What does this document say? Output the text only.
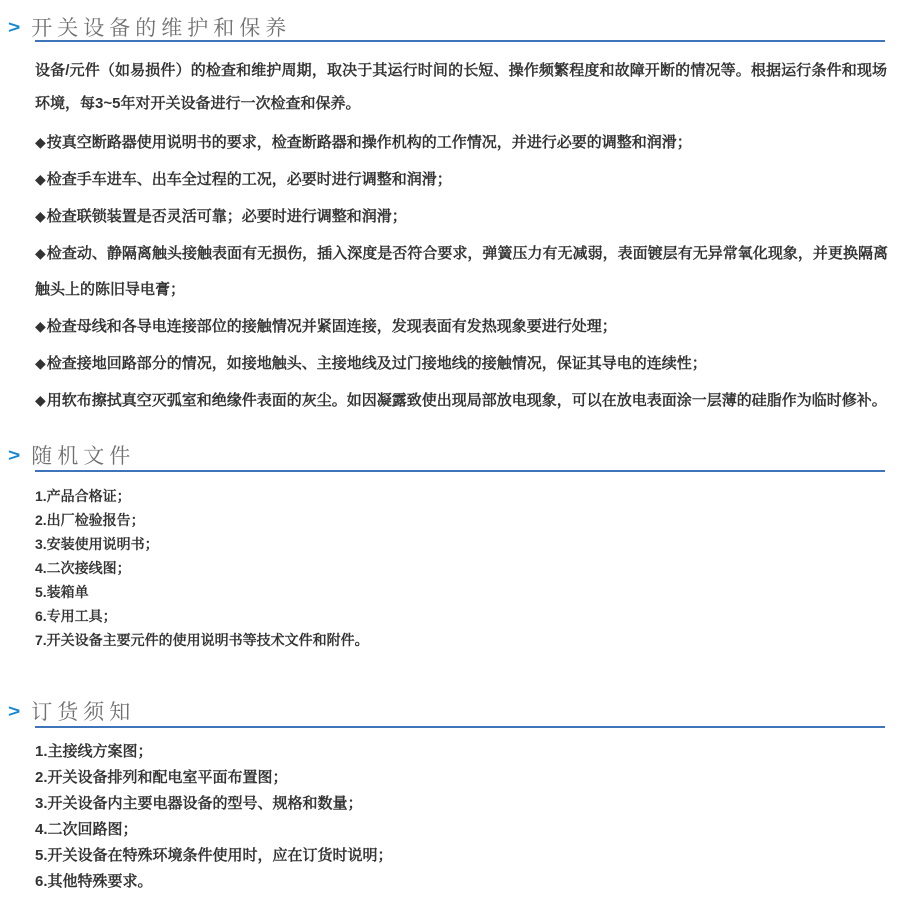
> 开关设备的维护和保养

设备/元件（如易损件）的检查和维护周期，取决于其运行时间的长短、操作频繁程度和故障开断的情况等。根据运行条件和现场环境，每3~5年对开关设备进行一次检查和保养。

◆按真空断路器使用说明书的要求，检查断路器和操作机构的工作情况，并进行必要的调整和润滑；
◆检查手车进车、出车全过程的工况，必要时进行调整和润滑；
◆检查联锁装置是否灵活可靠；必要时进行调整和润滑；
◆检查动、静隔离触头接触表面有无损伤，插入深度是否符合要求，弹簧压力有无减弱，表面镀层有无异常氧化现象，并更换隔离触头上的陈旧导电膏；
◆检查母线和各导电连接部位的接触情况并紧固连接，发现表面有发热现象要进行处理；
◆检查接地回路部分的情况，如接地触头、主接地线及过门接地线的接触情况，保证其导电的连续性；
◆用软布擦拭真空灭弧室和绝缘件表面的灰尘。如因凝露致使出现局部放电现象，可以在放电表面涂一层薄的硅脂作为临时修补。
> 随机文件
1.产品合格证；
2.出厂检验报告；
3.安装使用说明书；
4.二次接线图；
5.装箱单
6.专用工具；
7.开关设备主要元件的使用说明书等技术文件和附件。
> 订货须知
1.主接线方案图；
2.开关设备排列和配电室平面布置图；
3.开关设备内主要电器设备的型号、规格和数量；
4.二次回路图；
5.开关设备在特殊环境条件使用时，应在订货时说明；
6.其他特殊要求。
